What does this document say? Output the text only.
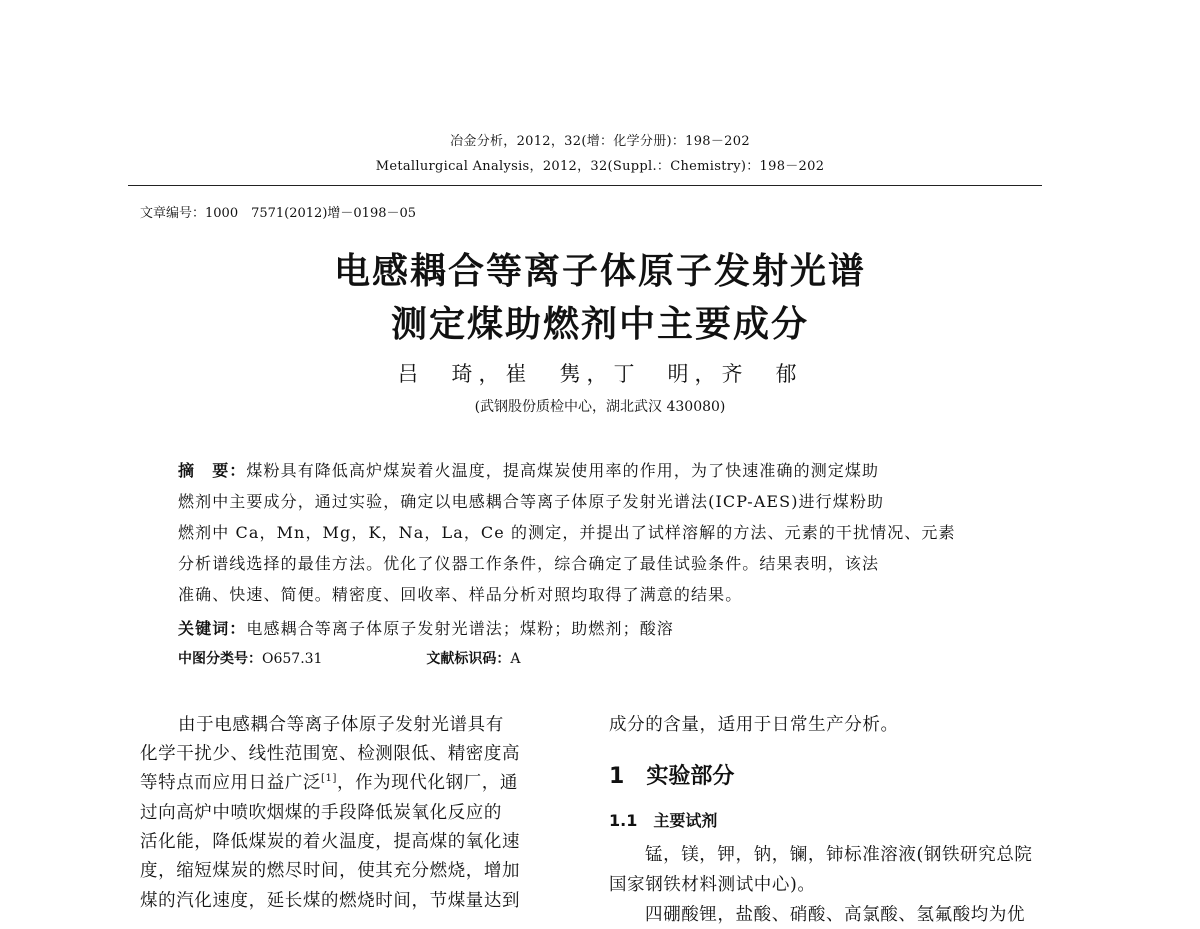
冶金分析，2012，32(增：化学分册)：198－202
Metallurgical Analysis，2012，32(Suppl.：Chemistry)：198－202
文章编号：1000　7571(2012)增－0198－05
电感耦合等离子体原子发射光谱
测定煤助燃剂中主要成分
吕　琦，崔　隽，丁　明，齐　郁
(武钢股份质检中心，湖北武汉 430080)
摘　要：煤粉具有降低高炉煤炭着火温度，提高煤炭使用率的作用，为了快速准确的测定煤助
燃剂中主要成分，通过实验，确定以电感耦合等离子体原子发射光谱法(ICP-AES)进行煤粉助
燃剂中 Ca，Mn，Mg，K，Na，La，Ce 的测定，并提出了试样溶解的方法、元素的干扰情况、元素
分析谱线选择的最佳方法。优化了仪器工作条件，综合确定了最佳试验条件。结果表明，该法
准确、快速、简便。精密度、回收率、样品分析对照均取得了满意的结果。
关键词：电感耦合等离子体原子发射光谱法；煤粉；助燃剂；酸溶
中图分类号：O657.31	文献标识码：A
由于电感耦合等离子体原子发射光谱具有
化学干扰少、线性范围宽、检测限低、精密度高
等特点而应用日益广泛[1]，作为现代化钢厂，通
过向高炉中喷吹烟煤的手段降低炭氧化反应的
活化能，降低煤炭的着火温度，提高煤的氧化速
度，缩短煤炭的燃尽时间，使其充分燃烧，增加
煤的汽化速度，延长煤的燃烧时间，节煤量达到
成分的含量，适用于日常生产分析。
1 实验部分
1.1 主要试剂
锰，镁，钾，钠，镧，铈标准溶液(钢铁研究总院
国家钢铁材料测试中心)。
四硼酸锂，盐酸、硝酸、高氯酸、氢氟酸均为优
